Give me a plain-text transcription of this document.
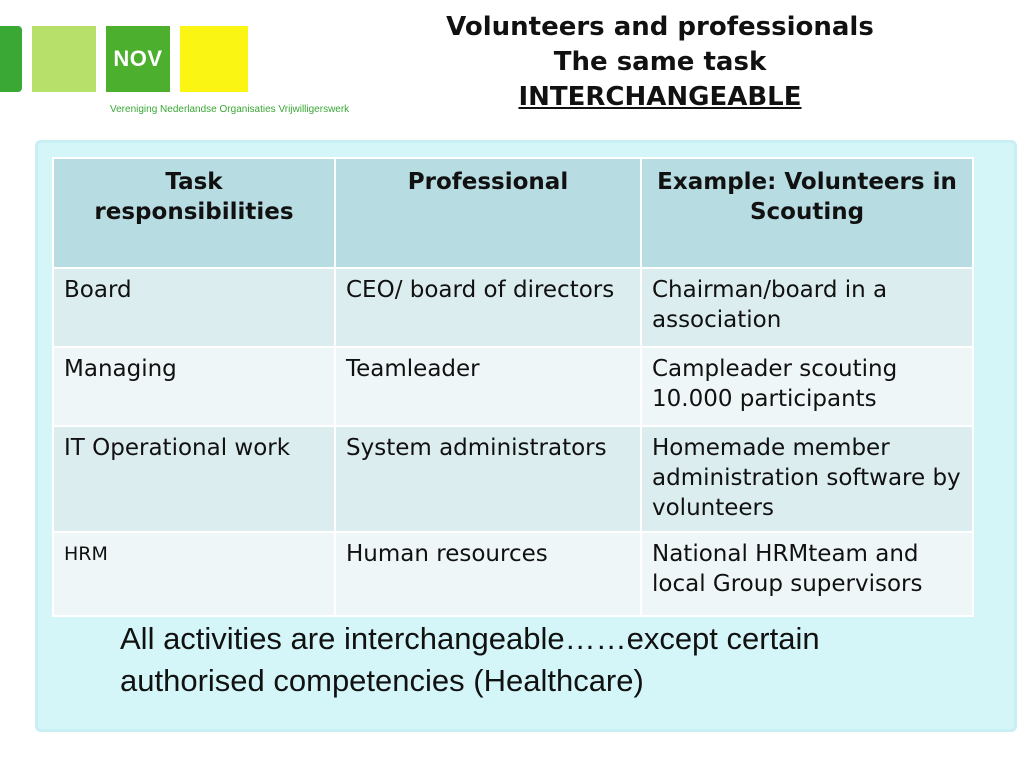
NOV
Vereniging Nederlandse Organisaties Vrijwilligerswerk
Volunteers and professionals
The same task
INTERCHANGEABLE
Task responsibilities	Professional	Example: Volunteers in Scouting
Board	CEO/ board of directors	Chairman/board in a association
Managing	Teamleader	Campleader scouting 10.000 participants
IT Operational work	System administrators	Homemade member administration software by volunteers
HRM	Human resources	National HRMteam and local Group supervisors
All activities are interchangeable……except certain authorised competencies (Healthcare)
